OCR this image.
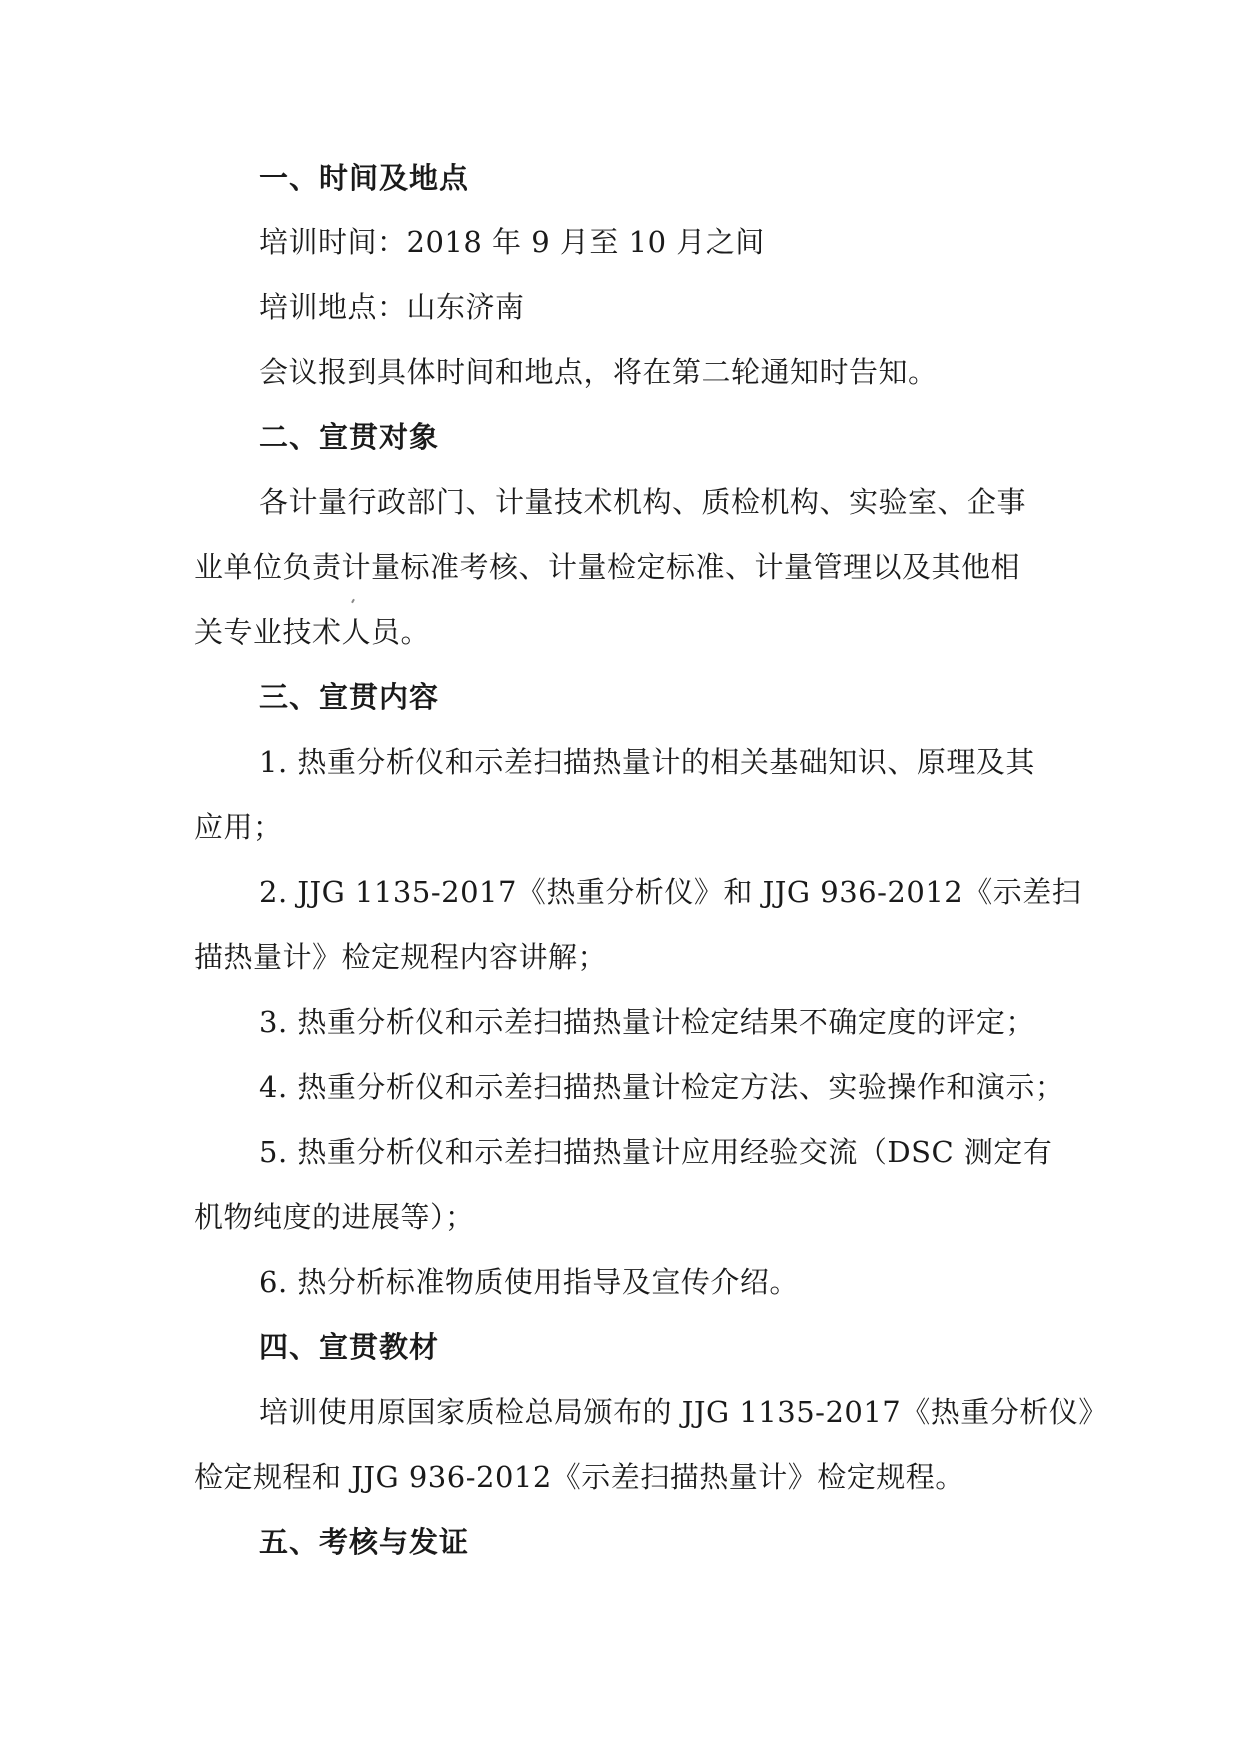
一、时间及地点
培训时间：2018 年 9 月至 10 月之间
培训地点：山东济南
会议报到具体时间和地点，将在第二轮通知时告知。
二、宣贯对象
各计量行政部门、计量技术机构、质检机构、实验室、企事
业单位负责计量标准考核、计量检定标准、计量管理以及其他相
关专业技术人员。
三、宣贯内容
1. 热重分析仪和示差扫描热量计的相关基础知识、原理及其
应用；
2. JJG 1135-2017《热重分析仪》和 JJG 936-2012《示差扫
描热量计》检定规程内容讲解；
3. 热重分析仪和示差扫描热量计检定结果不确定度的评定；
4. 热重分析仪和示差扫描热量计检定方法、实验操作和演示；
5. 热重分析仪和示差扫描热量计应用经验交流（DSC 测定有
机物纯度的进展等）；
6. 热分析标准物质使用指导及宣传介绍。
四、宣贯教材
培训使用原国家质检总局颁布的 JJG 1135-2017《热重分析仪》
检定规程和 JJG 936-2012《示差扫描热量计》检定规程。
五、考核与发证
